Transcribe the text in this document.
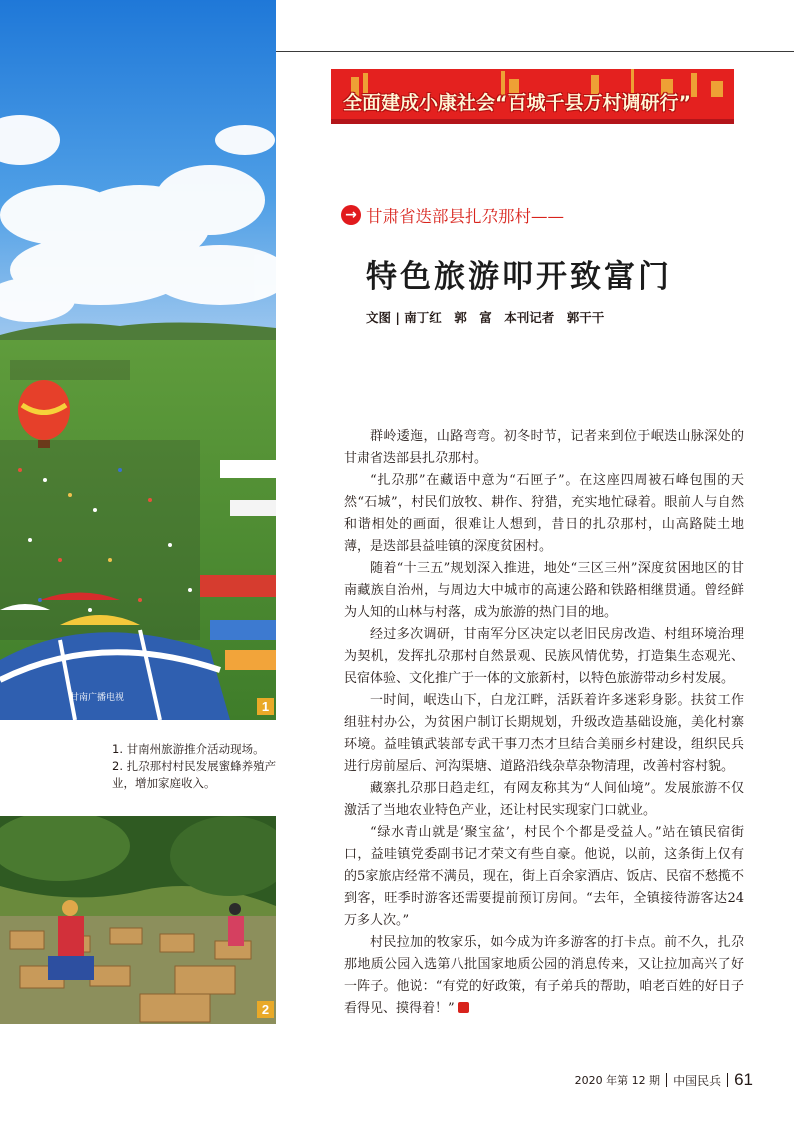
甘南广播电视
1

1. 甘南州旅游推介活动现场。

2. 扎尕那村村民发展蜜蜂养殖产业，增加家庭收入。

2
全面建成小康社会“百城千县万村调研行”
→ 甘肃省迭部县扎尕那村——
特色旅游叩开致富门
文图 | 南丁红　郭　富　本刊记者　郭干干

群岭逶迤，山路弯弯。初冬时节，记者来到位于岷迭山脉深处的甘肃省迭部县扎尕那村。

“扎尕那”在藏语中意为“石匣子”。在这座四周被石峰包围的天然“石城”，村民们放牧、耕作、狩猎，充实地忙碌着。眼前人与自然和谐相处的画面，很难让人想到，昔日的扎尕那村，山高路陡土地薄，是迭部县益哇镇的深度贫困村。

随着“十三五”规划深入推进，地处“三区三州”深度贫困地区的甘南藏族自治州，与周边大中城市的高速公路和铁路相继贯通。曾经鲜为人知的山林与村落，成为旅游的热门目的地。

经过多次调研，甘南军分区决定以老旧民房改造、村组环境治理为契机，发挥扎尕那村自然景观、民族风情优势，打造集生态观光、民宿体验、文化推广于一体的文旅新村，以特色旅游带动乡村发展。

一时间，岷迭山下，白龙江畔，活跃着许多迷彩身影。扶贫工作组驻村办公，为贫困户制订长期规划，升级改造基础设施，美化村寨环境。益哇镇武装部专武干事刀杰才旦结合美丽乡村建设，组织民兵进行房前屋后、河沟渠塘、道路沿线杂草杂物清理，改善村容村貌。

藏寨扎尕那日趋走红，有网友称其为“人间仙境”。发展旅游不仅激活了当地农业特色产业，还让村民实现家门口就业。

“绿水青山就是‘聚宝盆’，村民个个都是受益人。”站在镇民宿街口，益哇镇党委副书记才荣文有些自豪。他说，以前，这条街上仅有的5家旅店经常不满员，现在，街上百余家酒店、饭店、民宿不愁揽不到客，旺季时游客还需要提前预订房间。“去年，全镇接待游客达24万多人次。”

村民拉加的牧家乐，如今成为许多游客的打卡点。前不久，扎尕那地质公园入选第八批国家地质公园的消息传来，又让拉加高兴了好一阵子。他说：“有党的好政策，有子弟兵的帮助，咱老百姓的好日子看得见、摸得着！”

2020 年第 12 期 中国民兵 61
